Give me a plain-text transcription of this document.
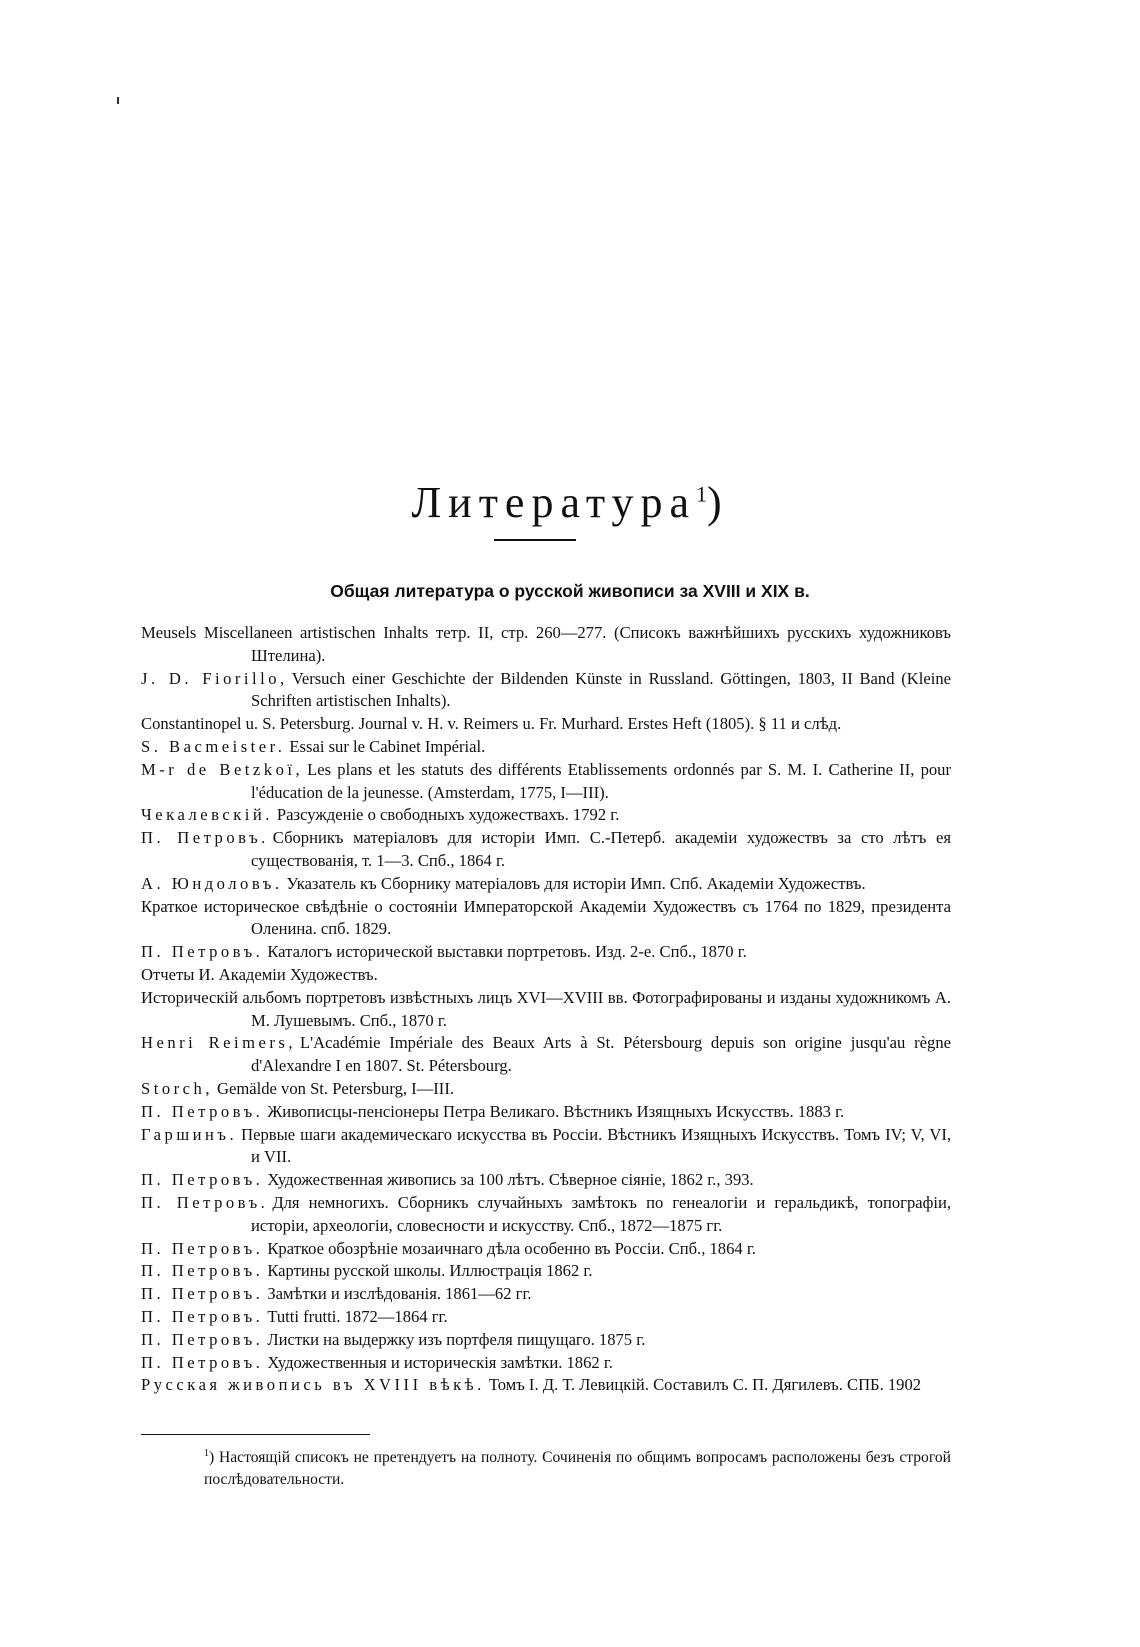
Литература$^1$)
Общая литература о русской живописи за XVIII и XIX в.
Meusels Miscellaneen artistischen Inhalts тетр. II, стр. 260—277. (Списокъ важнѣйшихъ русскихъ художниковъ Штелина).
J. D. Fiorillo, Versuch einer Geschichte der Bildenden Künste in Russland. Göttingen, 1803, II Band (Kleine Schriften artistischen Inhalts).
Constantinopel u. S. Petersburg. Journal v. H. v. Reimers u. Fr. Murhard. Erstes Heft (1805). § 11 и слѣд.
S. Bacmeister. Essai sur le Cabinet Impérial.
M-r de Betzkoï, Les plans et les statuts des différents Etablissements ordonnés par S. M. I. Catherine II, pour l'éducation de la jeunesse. (Amsterdam, 1775, I—III).
Чекалевскій. Разсужденіе о свободныхъ художествахъ. 1792 г.
П. Петровъ. Сборникъ матеріаловъ для исторіи Имп. С.-Петерб. академіи художествъ за сто лѣтъ ея существованія, т. 1—3. Спб., 1864 г.
А. Юндоловъ. Указатель къ Сборнику матеріаловъ для исторіи Имп. Спб. Академіи Художествъ.
Краткое историческое свѣдѣніе о состояніи Императорской Академіи Художествъ съ 1764 по 1829, президента Оленина. спб. 1829.
П. Петровъ. Каталогъ исторической выставки портретовъ. Изд. 2-е. Спб., 1870 г.
Отчеты И. Академіи Художествъ.
Историческій альбомъ портретовъ извѣстныхъ лицъ XVI—XVIII вв. Фотографированы и изданы художникомъ А. М. Лушевымъ. Спб., 1870 г.
Henri Reimers, L'Académie Impériale des Beaux Arts à St. Pétersbourg depuis son origine jusqu'au règne d'Alexandre I en 1807. St. Pétersbourg.
Storch, Gemälde von St. Petersburg, I—III.
П. Петровъ. Живописцы-пенсіонеры Петра Великаго. Вѣстникъ Изящныхъ Искусствъ. 1883 г.
Гаршинъ. Первые шаги академическаго искусства въ Россіи. Вѣстникъ Изящныхъ Искусствъ. Томъ IV; V, VI, и VII.
П. Петровъ. Художественная живопись за 100 лѣтъ. Сѣверное сіяніе, 1862 г., 393.
П. Петровъ. Для немногихъ. Сборникъ случайныхъ замѣтокъ по генеалогіи и геральдикѣ, топографіи, исторіи, археологіи, словесности и искусству. Спб., 1872—1875 гг.
П. Петровъ. Краткое обозрѣніе мозаичнаго дѣла особенно въ Россіи. Спб., 1864 г.
П. Петровъ. Картины русской школы. Иллюстрація 1862 г.
П. Петровъ. Замѣтки и изслѣдованія. 1861—62 гг.
П. Петровъ. Tutti frutti. 1872—1864 гг.
П. Петровъ. Листки на выдержку изъ портфеля пищущаго. 1875 г.
П. Петровъ. Художественныя и историческія замѣтки. 1862 г.
Русская живопись въ XVIII вѣкѣ. Томъ I. Д. Т. Левицкій. Составилъ С. П. Дягилевъ. СПБ. 1902
$^1$) Настоящій списокъ не претендуетъ на полноту. Сочиненія по общимъ вопросамъ расположены безъ строгой послѣдовательности.
